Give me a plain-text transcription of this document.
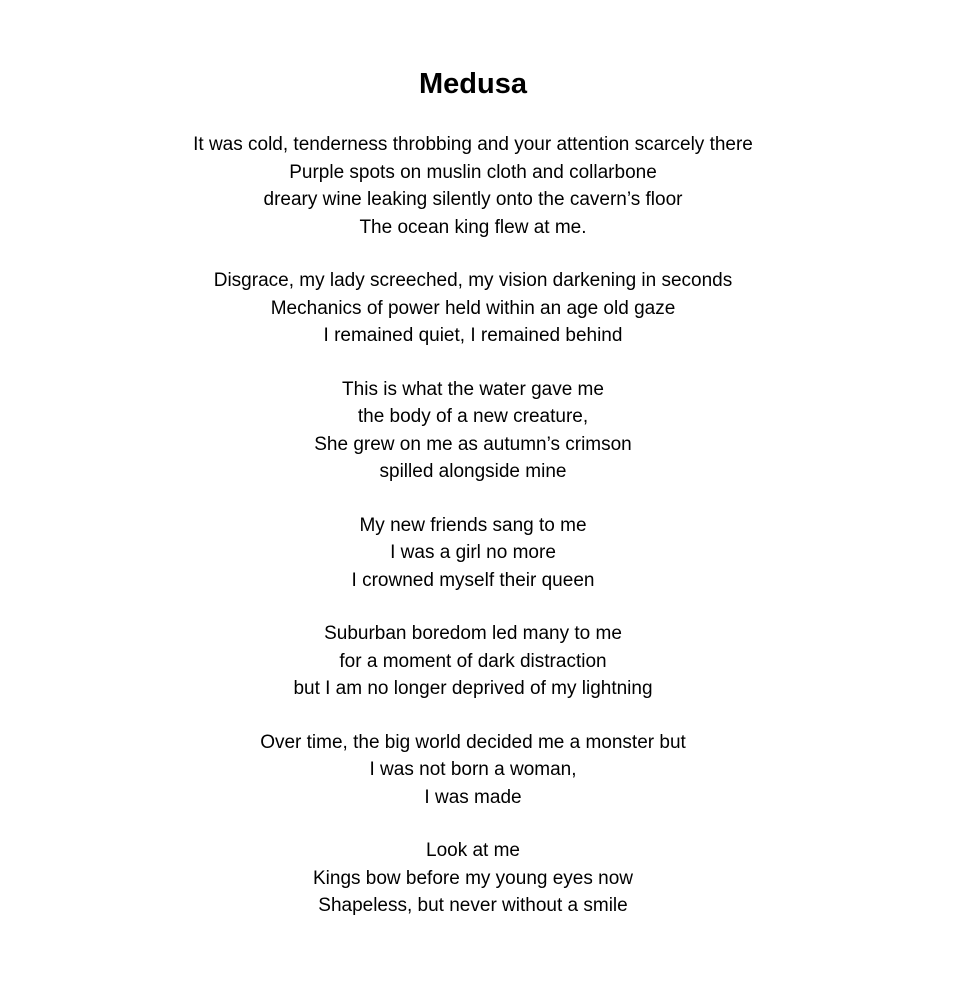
Medusa
It was cold, tenderness throbbing and your attention scarcely there
Purple spots on muslin cloth and collarbone
dreary wine leaking silently onto the cavern’s floor
The ocean king flew at me.
Disgrace, my lady screeched, my vision darkening in seconds
Mechanics of power held within an age old gaze
I remained quiet, I remained behind
This is what the water gave me
the body of a new creature,
She grew on me as autumn’s crimson
spilled alongside mine
My new friends sang to me
I was a girl no more
I crowned myself their queen
Suburban boredom led many to me
for a moment of dark distraction
but I am no longer deprived of my lightning
Over time, the big world decided me a monster but
I was not born a woman,
I was made
Look at me
Kings bow before my young eyes now
Shapeless, but never without a smile
